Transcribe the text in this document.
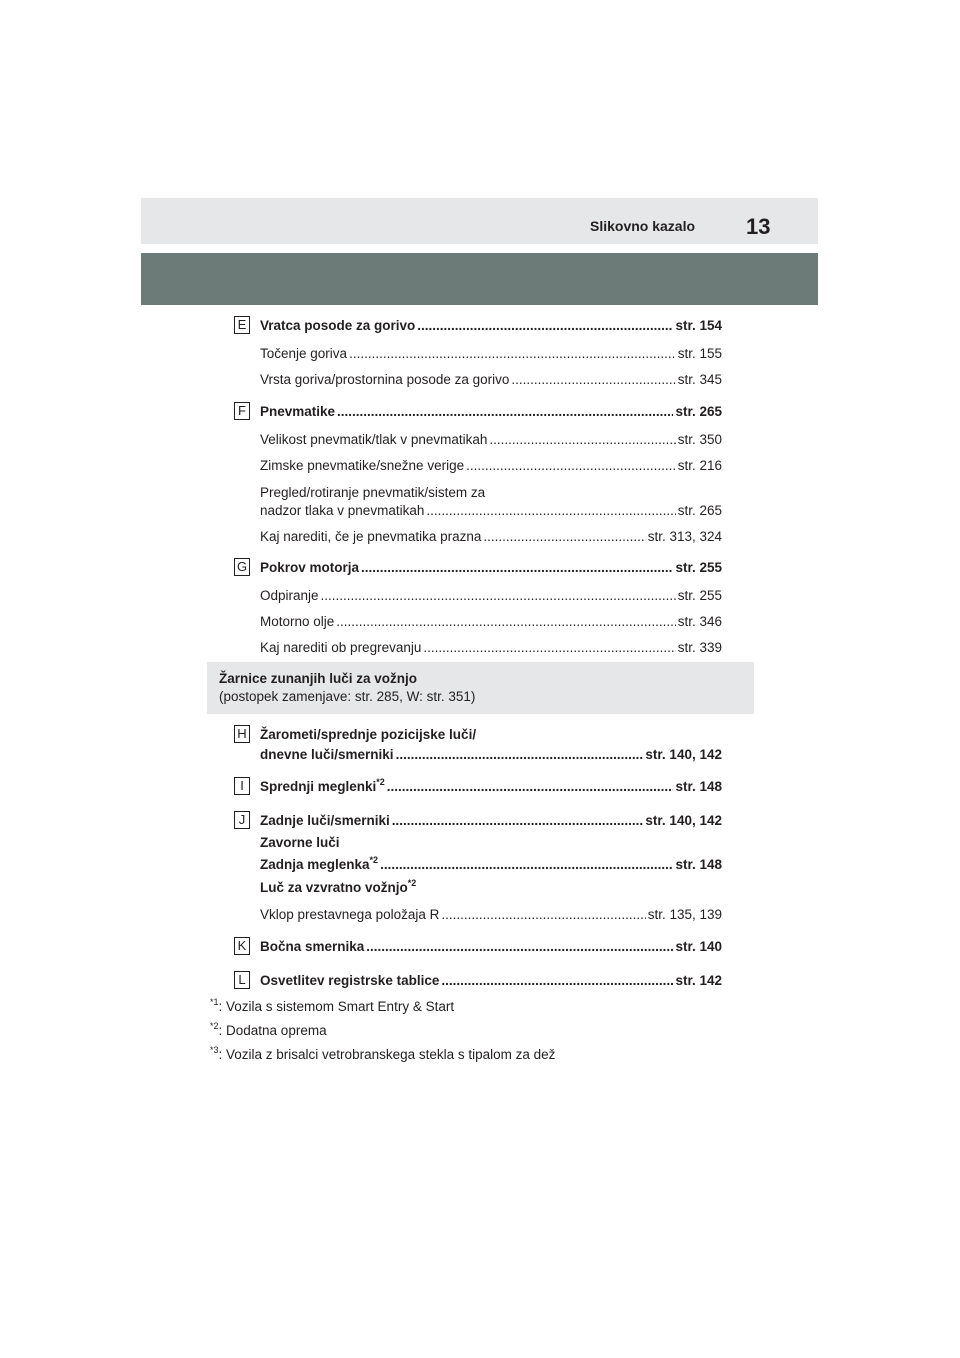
Slikovno kazalo 13
E Vratca posode za gorivo .....	str. 154
Točenje goriva .....	str. 155
Vrsta goriva/prostornina posode za gorivo .....	str. 345
F Pnevmatike .....	str. 265
Velikost pnevmatik/tlak v pnevmatikah .....	str. 350
Zimske pnevmatike/snežne verige .....	str. 216
Pregled/rotiranje pnevmatik/sistem za
nadzor tlaka v pnevmatikah .....	str. 265
Kaj narediti, če je pnevmatika prazna .....	str. 313, 324
G Pokrov motorja .....	str. 255
Odpiranje .....	str. 255
Motorno olje .....	str. 346
Kaj narediti ob pregrevanju .....	str. 339
Žarnice zunanjih luči za vožnjo
(postopek zamenjave: str. 285, W: str. 351)
H Žarometi/sprednje pozicijske luči/
dnevne luči/smerniki .....	str. 140, 142
I	Sprednji meglenki$^{*2}$ .....	str. 148
J	Zadnje luči/smerniki .....	str. 140, 142
Zavorne luči
Zadnja meglenka$^{*2}$ .....	str. 148
Luč za vzvratno vožnjo$^{*2}$
Vklop prestavnega položaja R .....	str. 135, 139
K Bočna smernika .....	str. 140
L	Osvetlitev registrske tablice .....	str. 142
$^{*1}$: Vozila s sistemom Smart Entry & Start
$^{*2}$: Dodatna oprema
$^{*3}$: Vozila z brisalci vetrobranskega stekla s tipalom za dež
